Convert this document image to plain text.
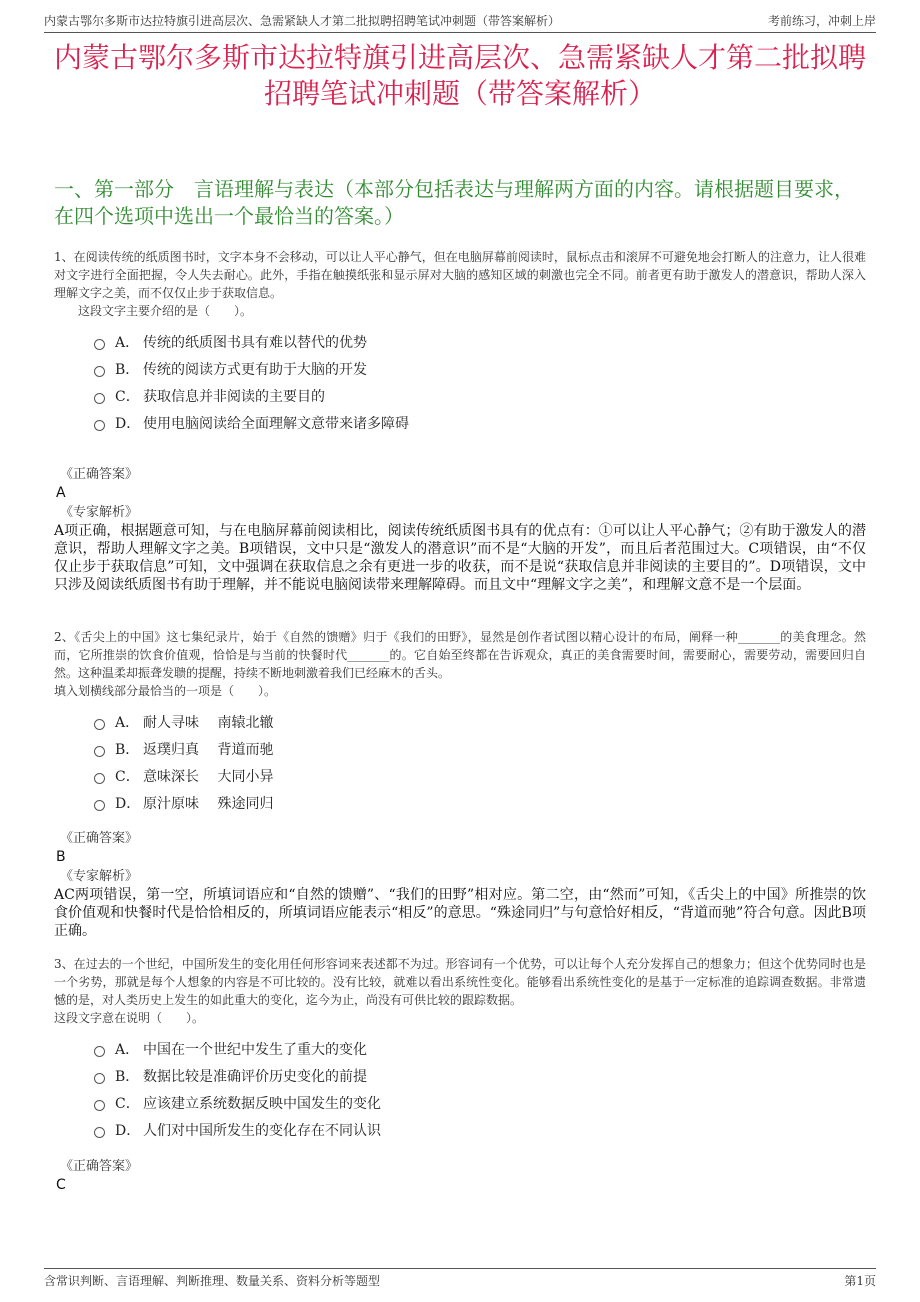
内蒙古鄂尔多斯市达拉特旗引进高层次、急需紧缺人才第二批拟聘招聘笔试冲刺题（带答案解析）	考前练习，冲刺上岸
内蒙古鄂尔多斯市达拉特旗引进高层次、急需紧缺人才第二批拟聘招聘笔试冲刺题（带答案解析）
一、第一部分　言语理解与表达（本部分包括表达与理解两方面的内容。请根据题目要求，在四个选项中选出一个最恰当的答案。）

1、在阅读传统的纸质图书时，文字本身不会移动，可以让人平心静气，但在电脑屏幕前阅读时，鼠标点击和滚屏不可避免地会打断人的注意力，让人很难对文字进行全面把握，令人失去耐心。此外，手指在触摸纸张和显示屏对大脑的感知区域的刺激也完全不同。前者更有助于激发人的潜意识，帮助人深入理解文字之美，而不仅仅止步于获取信息。

这段文字主要介绍的是（　　）。

A． 传统的纸质图书具有难以替代的优势
B． 传统的阅读方式更有助于大脑的开发
C． 获取信息并非阅读的主要目的
D． 使用电脑阅读给全面理解文意带来诸多障碍

《正确答案》

A

《专家解析》

A项正确，根据题意可知，与在电脑屏幕前阅读相比，阅读传统纸质图书具有的优点有：①可以让人平心静气；②有助于激发人的潜意识，帮助人理解文字之美。B项错误，文中只是“激发人的潜意识”而不是“大脑的开发”，而且后者范围过大。C项错误，由“不仅仅止步于获取信息”可知，文中强调在获取信息之余有更进一步的收获，而不是说“获取信息并非阅读的主要目的”。D项错误，文中只涉及阅读纸质图书有助于理解，并不能说电脑阅读带来理解障碍。而且文中“理解文字之美”，和理解文意不是一个层面。

2、《舌尖上的中国》这七集纪录片，始于《自然的馈赠》归于《我们的田野》，显然是创作者试图以精心设计的布局，阐释一种_______的美食理念。然而，它所推崇的饮食价值观，恰恰是与当前的快餐时代_______的。它自始至终都在告诉观众，真正的美食需要时间，需要耐心，需要劳动，需要回归自然。这种温柔却振聋发聩的提醒，持续不断地刺激着我们已经麻木的舌头。

填入划横线部分最恰当的一项是（　　）。

A． 耐人寻味　 南辕北辙
B． 返璞归真　 背道而驰
C． 意味深长　 大同小异
D． 原汁原味　 殊途同归

《正确答案》

B

《专家解析》

AC两项错误，第一空，所填词语应和“自然的馈赠”、“我们的田野”相对应。第二空，由“然而”可知，《舌尖上的中国》所推崇的饮食价值观和快餐时代是恰恰相反的，所填词语应能表示“相反”的意思。“殊途同归”与句意恰好相反，“背道而驰”符合句意。因此B项正确。

3、在过去的一个世纪，中国所发生的变化用任何形容词来表述都不为过。形容词有一个优势，可以让每个人充分发挥自己的想象力；但这个优势同时也是一个劣势，那就是每个人想象的内容是不可比较的。没有比较，就难以看出系统性变化。能够看出系统性变化的是基于一定标准的追踪调查数据。非常遗憾的是，对人类历史上发生的如此重大的变化，迄今为止，尚没有可供比较的跟踪数据。

这段文字意在说明（　　）。

A． 中国在一个世纪中发生了重大的变化
B． 数据比较是准确评价历史变化的前提
C． 应该建立系统数据反映中国发生的变化
D． 人们对中国所发生的变化存在不同认识

《正确答案》

C

含常识判断、言语理解、判断推理、数量关系、资料分析等题型	第1页
